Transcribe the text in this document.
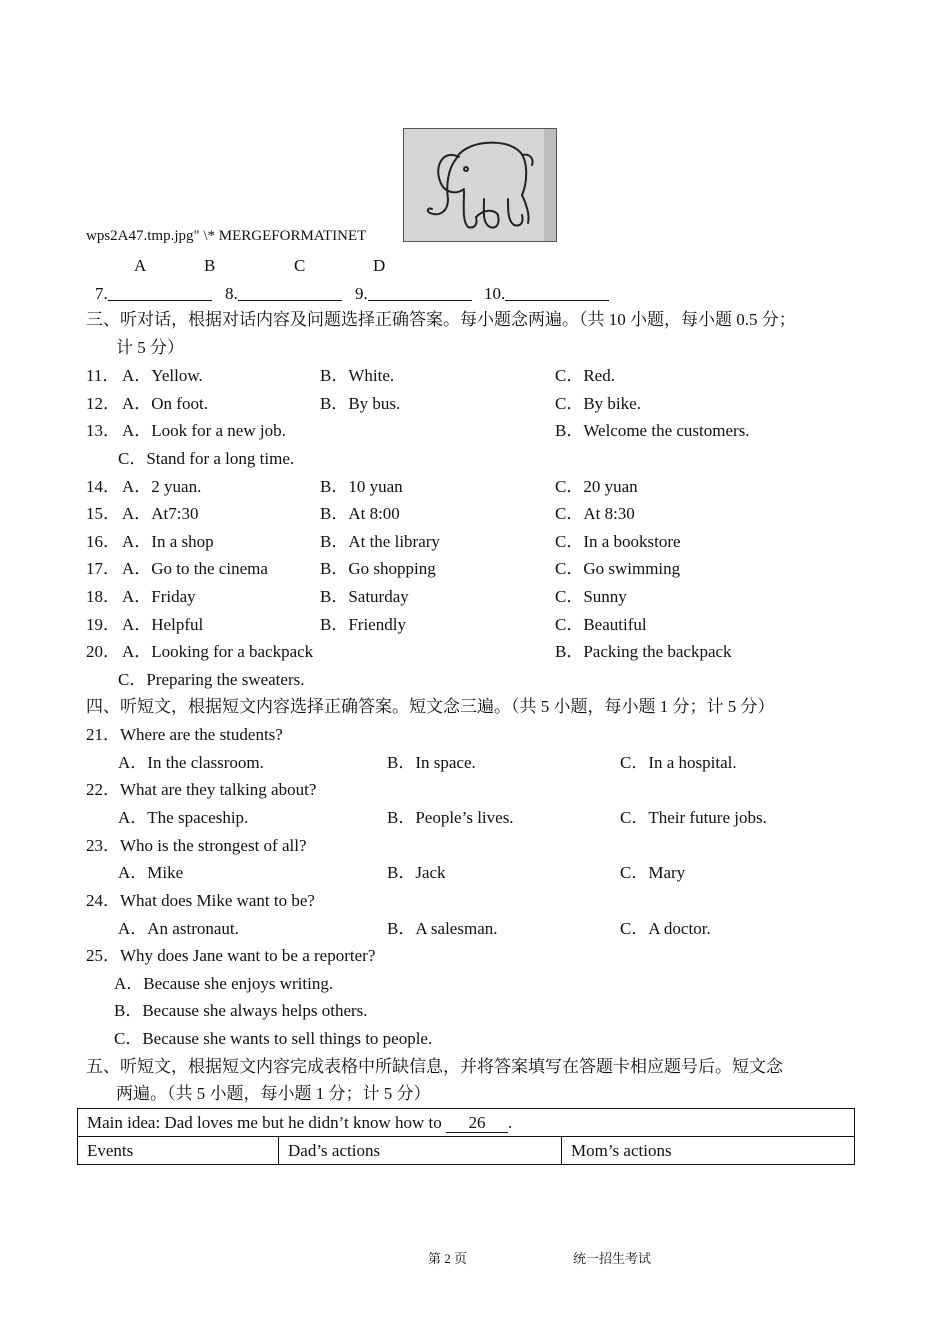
wps2A47.tmp.jpg" \* MERGEFORMATINET
A	B	C	D
7.	8.	9.	10.
三、听对话，根据对话内容及问题选择正确答案。每小题念两遍。（共 10 小题，每小题 0.5 分；
计 5 分）
11． A．Yellow.	B．White.	C．Red.
12． A．On foot.	B．By bus.	C．By bike.
13． A．Look for a new job.	B．Welcome the customers.
C．Stand for a long time.
14． A．2 yuan.	B．10 yuan	C．20 yuan
15． A．At7:30	B．At 8:00	C．At 8:30
16． A．In a shop	B．At the library	C．In a bookstore
17． A．Go to the cinema	B．Go shopping	C．Go swimming
18． A．Friday	B．Saturday	C．Sunny
19． A．Helpful	B．Friendly	C．Beautiful
20． A．Looking for a backpack	B．Packing the backpack
C．Preparing the sweaters.
四、听短文，根据短文内容选择正确答案。短文念三遍。（共 5 小题，每小题 1 分；计 5 分）
21．Where are the students?
A．In the classroom.	B．In space.	C．In a hospital.
22．What are they talking about?
A．The spaceship.	B．People’s lives.	C．Their future jobs.
23．Who is the strongest of all?
A．Mike	B．Jack	C．Mary
24．What does Mike want to be?
A．An astronaut.	B．A salesman.	C．A doctor.
25．Why does Jane want to be a reporter?
A．Because she enjoys writing.
B．Because she always helps others.
C．Because she wants to sell things to people.
五、听短文，根据短文内容完成表格中所缺信息，并将答案填写在答题卡相应题号后。短文念
两遍。（共 5 小题，每小题 1 分；计 5 分）
Main idea: Dad loves me but he didn’t know how to 26 .
Events	Dad’s actions	Mom’s actions
第 2 页	统一招生考试
